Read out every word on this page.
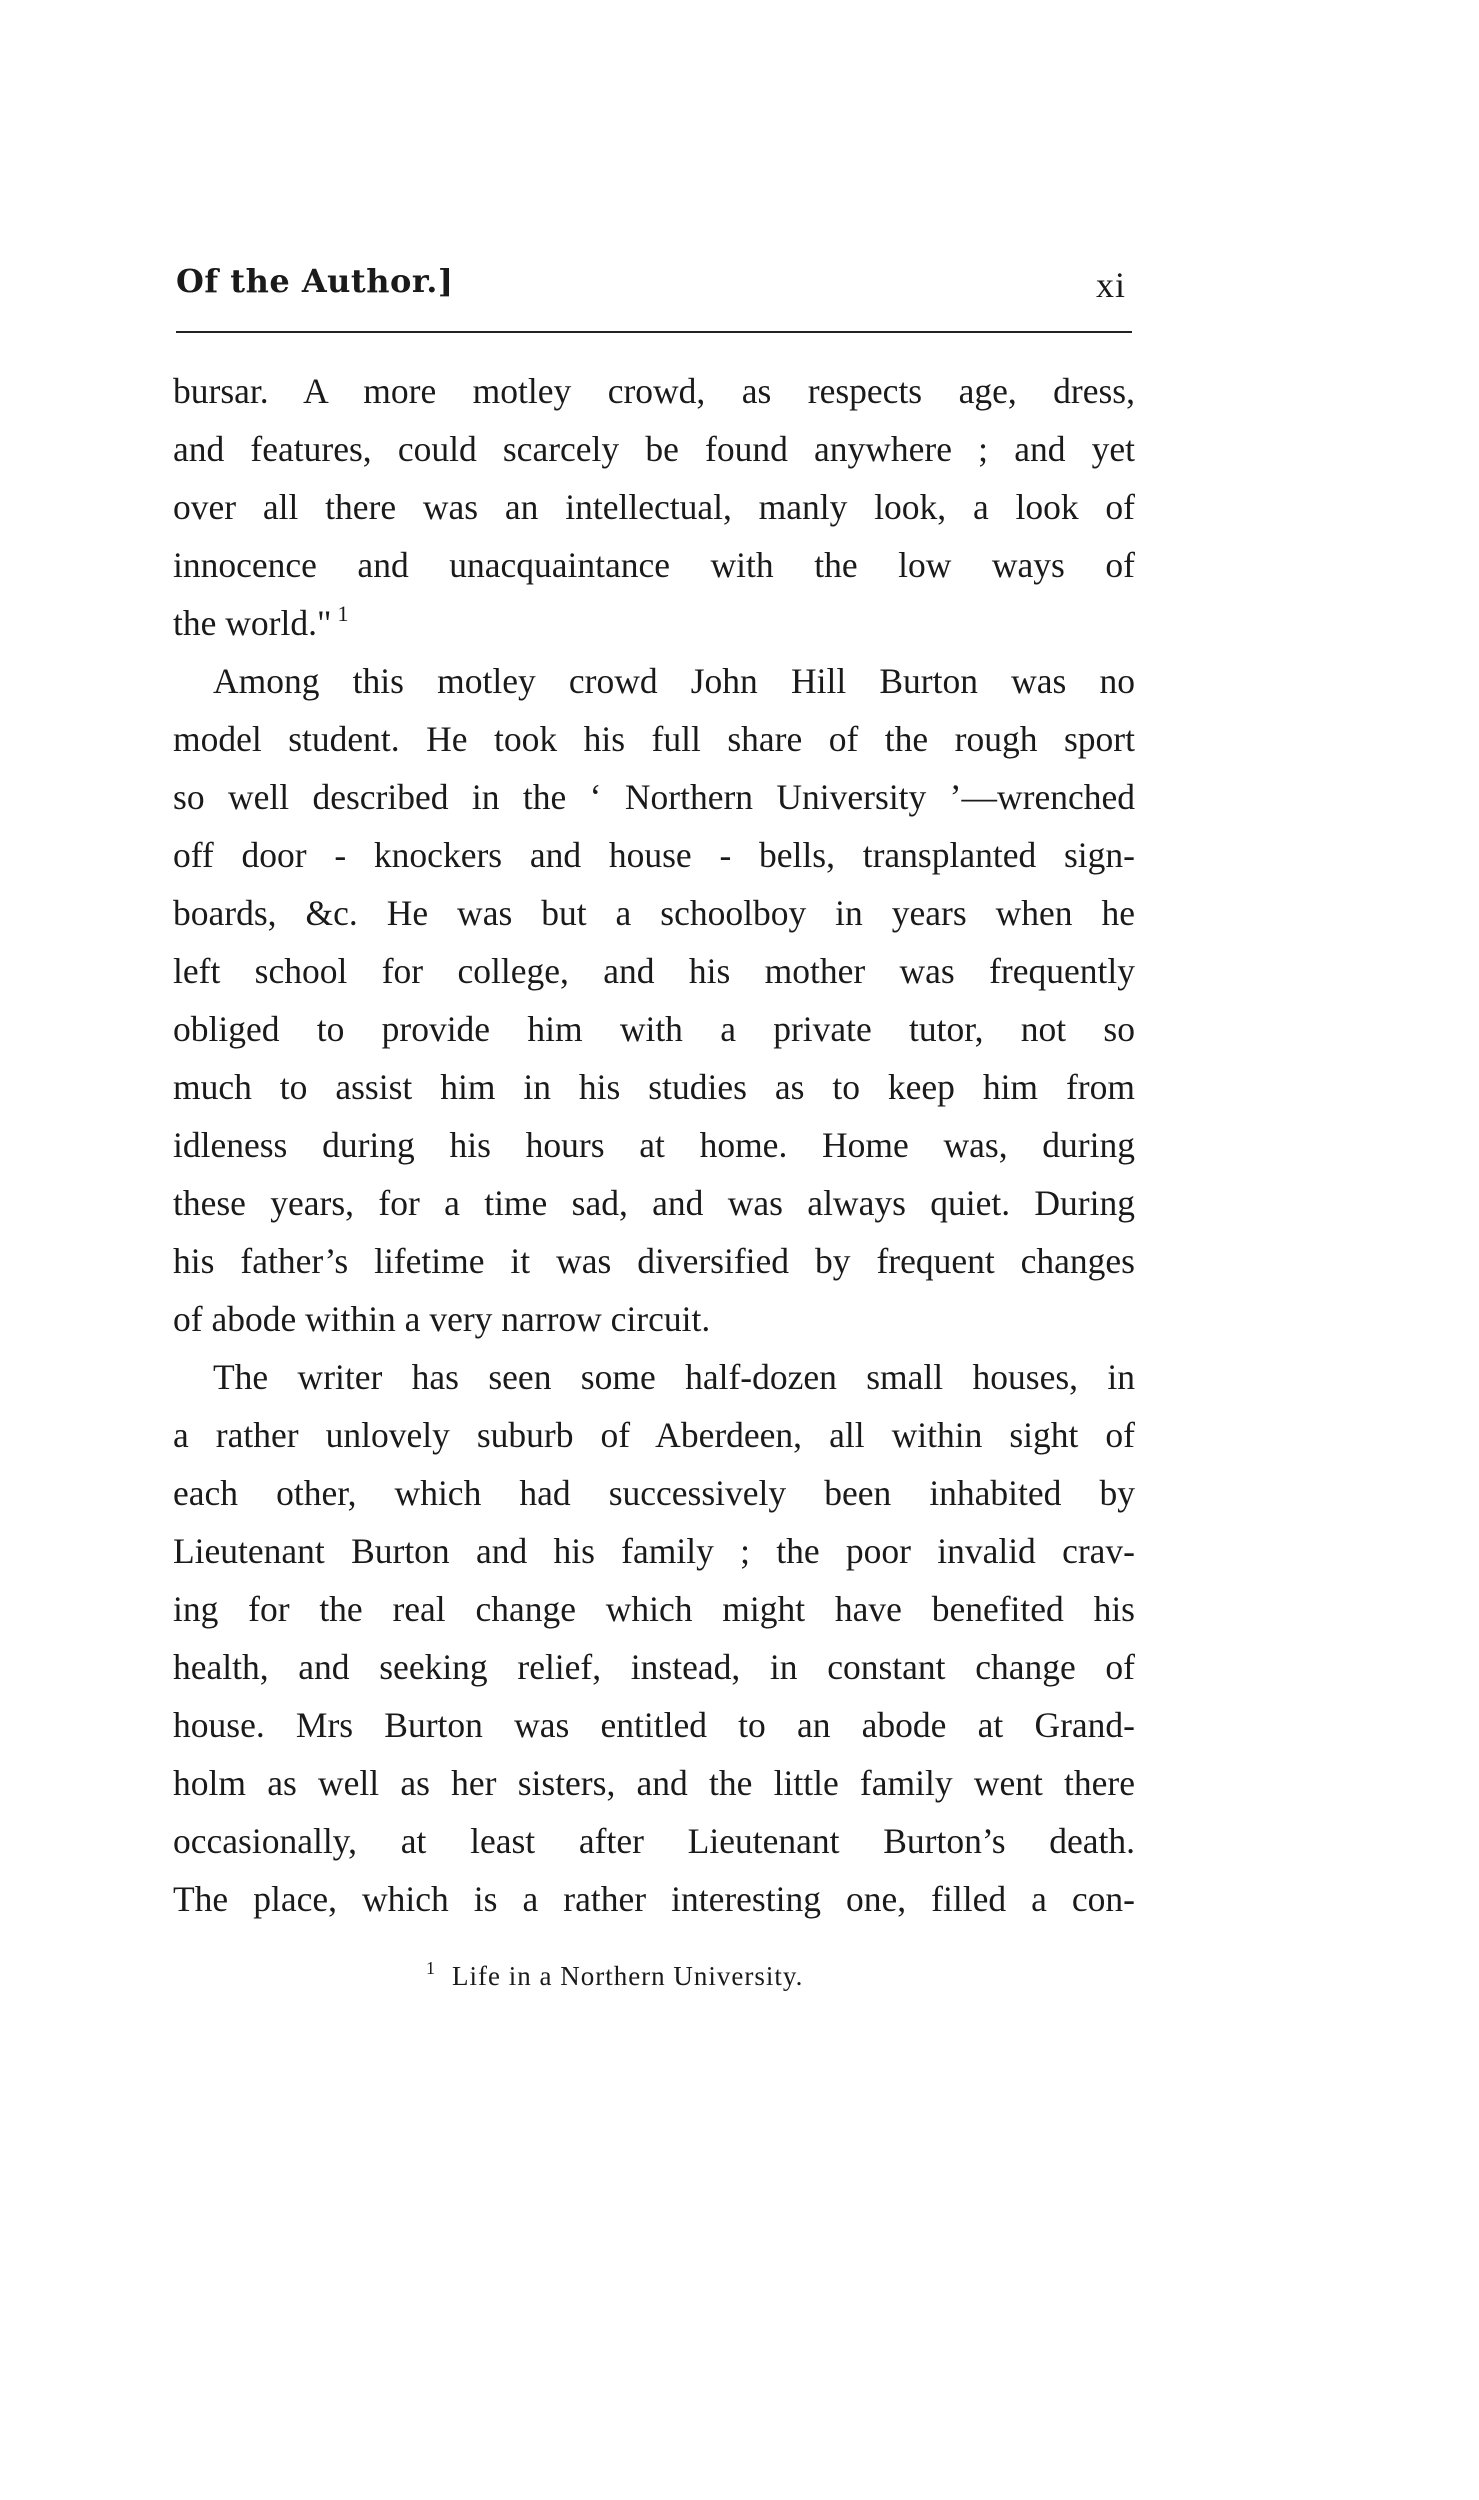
Of the Author.]	xi
bursar. A more motley crowd, as respects age, dress,
and features, could scarcely be found anywhere ; and yet
over all there was an intellectual, manly look, a look of
innocence and unacquaintance with the low ways of
the world." $^1$
Among this motley crowd John Hill Burton was no
model student. He took his full share of the rough sport
so well described in the ‘ Northern University ’—wrenched
off door - knockers and house - bells, transplanted sign-
boards, &c. He was but a schoolboy in years when he
left school for college, and his mother was frequently
obliged to provide him with a private tutor, not so
much to assist him in his studies as to keep him from
idleness during his hours at home. Home was, during
these years, for a time sad, and was always quiet. During
his father’s lifetime it was diversified by frequent changes
of abode within a very narrow circuit.
The writer has seen some half-dozen small houses, in
a rather unlovely suburb of Aberdeen, all within sight of
each other, which had successively been inhabited by
Lieutenant Burton and his family ; the poor invalid crav-
ing for the real change which might have benefited his
health, and seeking relief, instead, in constant change of
house. Mrs Burton was entitled to an abode at Grand-
holm as well as her sisters, and the little family went there
occasionally, at least after Lieutenant Burton’s death.
The place, which is a rather interesting one, filled a con-
$^1$ Life in a Northern University.
